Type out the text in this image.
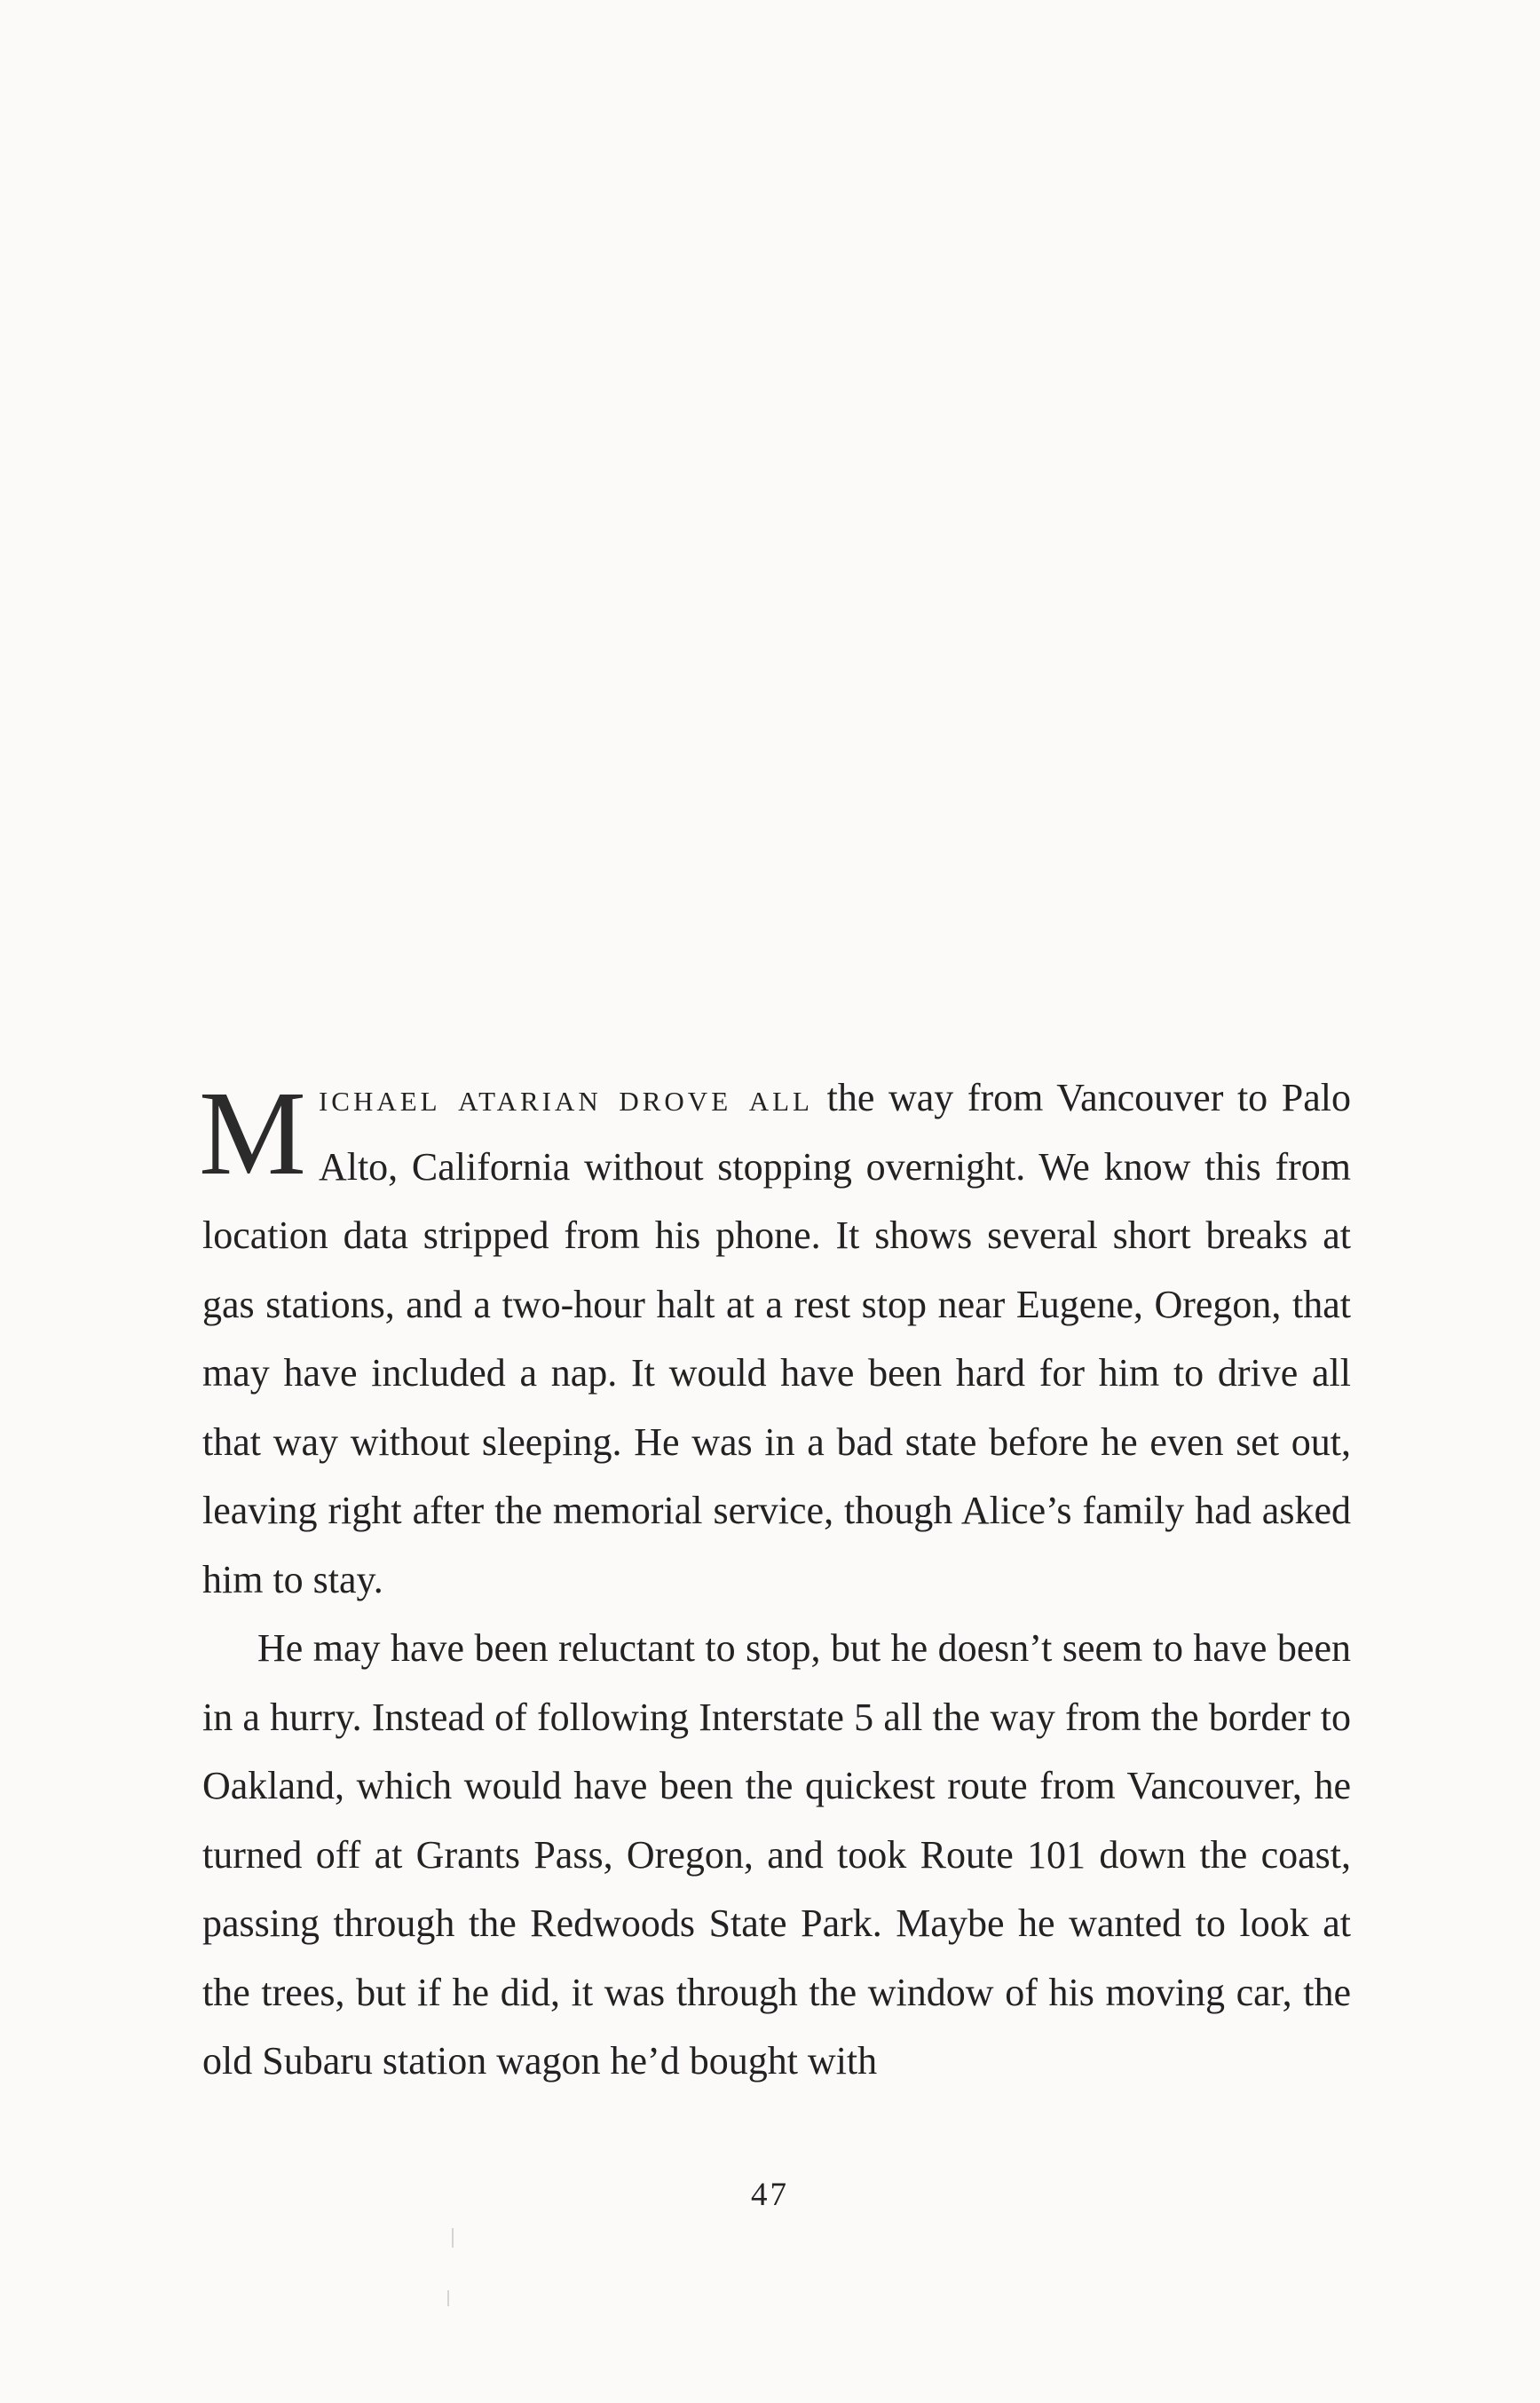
Michael atarian drove all the way from Vancouver to Palo Alto, California without stopping overnight. We know this from location data stripped from his phone. It shows several short breaks at gas stations, and a two-hour halt at a rest stop near Eugene, Oregon, that may have included a nap. It would have been hard for him to drive all that way without sleeping. He was in a bad state before he even set out, leaving right after the memorial service, though Alice’s family had asked him to stay.

He may have been reluctant to stop, but he doesn’t seem to have been in a hurry. Instead of following Interstate 5 all the way from the border to Oakland, which would have been the quickest route from Vancouver, he turned off at Grants Pass, Oregon, and took Route 101 down the coast, passing through the Redwoods State Park. Maybe he wanted to look at the trees, but if he did, it was through the window of his moving car, the old Subaru station wagon he’d bought with

47
